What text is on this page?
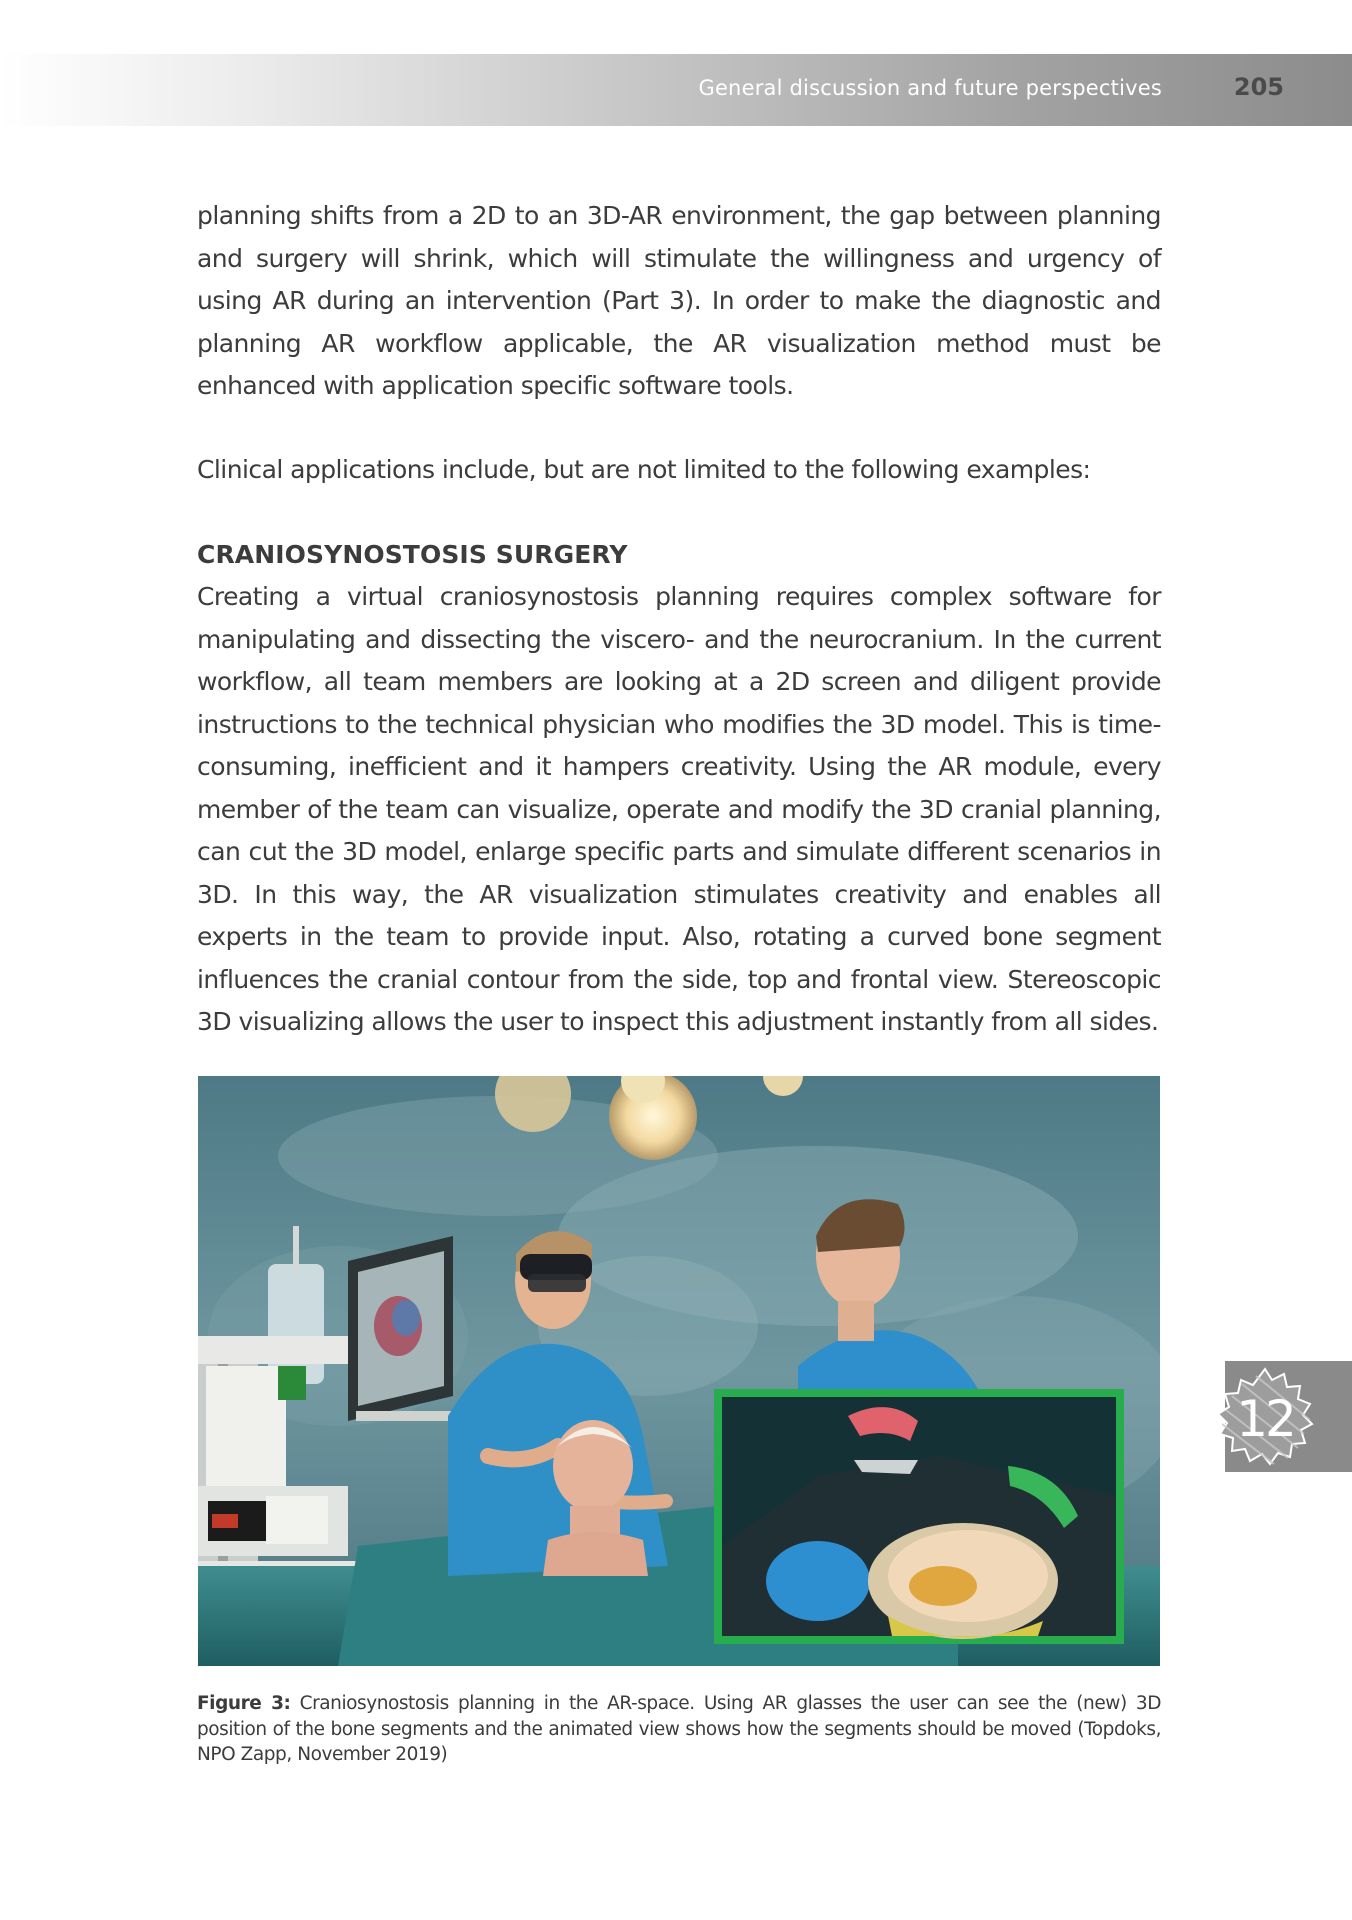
General discussion and future perspectives	205

planning shifts from a 2D to an 3D-AR environment, the gap between planning and surgery will shrink, which will stimulate the willingness and urgency of using AR during an intervention (Part 3). In order to make the diagnostic and planning AR workflow applicable, the AR visualization method must be enhanced with application specific software tools.

Clinical applications include, but are not limited to the following examples:

CRANIOSYNOSTOSIS SURGERY

Creating a virtual craniosynostosis planning requires complex software for manipulating and dissecting the viscero- and the neurocranium. In the current workflow, all team members are looking at a 2D screen and diligent provide instructions to the technical physician who modifies the 3D model. This is time-consuming, inefficient and it hampers creativity. Using the AR module, every member of the team can visualize, operate and modify the 3D cranial planning, can cut the 3D model, enlarge specific parts and simulate different scenarios in 3D. In this way, the AR visualization stimulates creativity and enables all experts in the team to provide input. Also, rotating a curved bone segment influences the cranial contour from the side, top and frontal view. Stereoscopic 3D visualizing allows the user to inspect this adjustment instantly from all sides.

Figure 3: Craniosynostosis planning in the AR-space. Using AR glasses the user can see the (new) 3D position of the bone segments and the animated view shows how the segments should be moved (Topdoks, NPO Zapp, November 2019)
12
